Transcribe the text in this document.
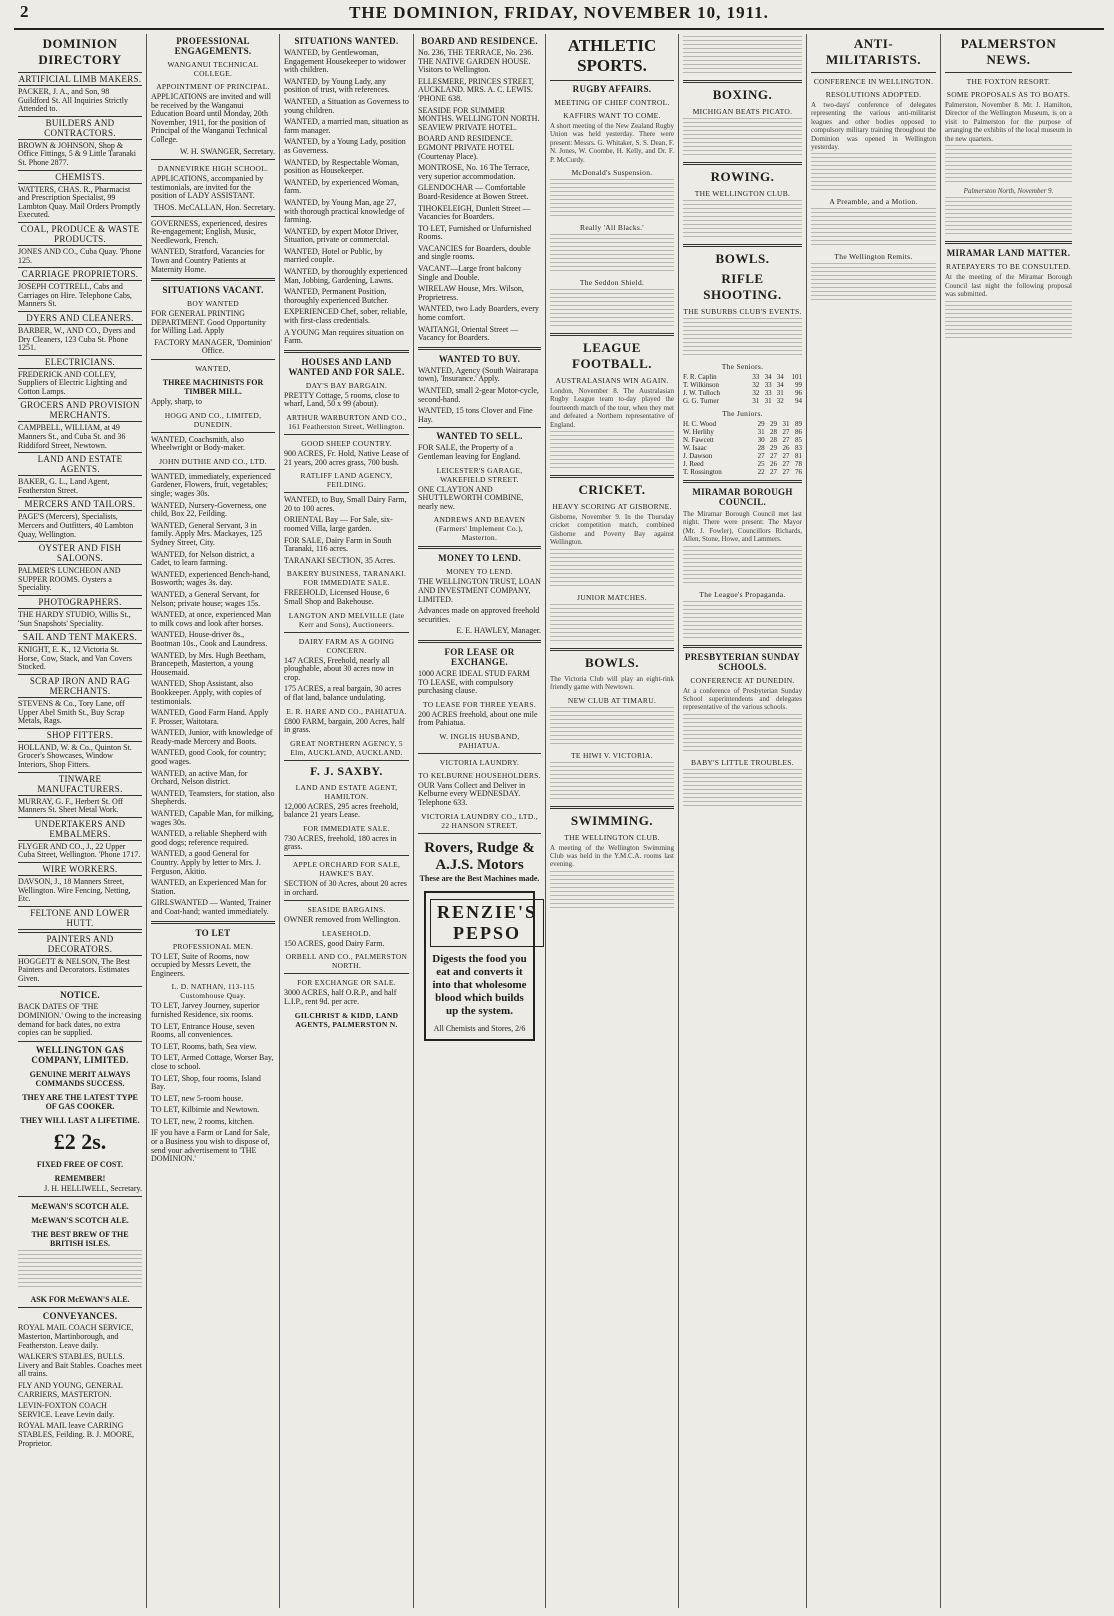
2	THE DOMINION, FRIDAY, NOVEMBER 10, 1911.
DOMINION DIRECTORY
ARTIFICIAL LIMB MAKERS.
PACKER, J. A., and Son, 98 Guildford St. All Inquiries Strictly Attended to.
BUILDERS AND CONTRACTORS.
BROWN & JOHNSON, Shop & Office Fittings, 5 & 9 Little Taranaki St. Phone 2877.
CHEMISTS.
WATTERS, CHAS. R., Pharmacist and Prescription Specialist, 99 Lambton Quay. Mail Orders Promptly Executed.
COAL, PRODUCE & WASTE PRODUCTS.
JONES AND CO., Cuba Quay. 'Phone 125.
CARRIAGE PROPRIETORS.
JOSEPH COTTRELL, Cabs and Carriages on Hire. Telephone Cabs, Manners St.
DYERS AND CLEANERS.
BARBER, W., AND CO., Dyers and Dry Cleaners, 123 Cuba St. Phone 1251.
ELECTRICIANS.
FREDERICK AND COLLEY, Suppliers of Electric Lighting and Cotton Lamps.
GROCERS AND PROVISION MERCHANTS.
CAMPBELL, WILLIAM, at 49 Manners St., and Cuba St. and 36 Riddiford Street, Newtown.
LAND AND ESTATE AGENTS.
BAKER, G. L., Land Agent, Featherston Street.
MERCERS AND TAILORS.
PAGE'S (Mercers), Specialists, Mercers and Outfitters, 40 Lambton Quay, Wellington.
OYSTER AND FISH SALOONS.
PALMER'S LUNCHEON AND SUPPER ROOMS. Oysters a Speciality.
PHOTOGRAPHERS.
THE HARDY STUDIO, Willis St., 'Sun Snapshots' Speciality.
SAIL AND TENT MAKERS.
KNIGHT, E. K., 12 Victoria St. Horse, Cow, Stack, and Van Covers Stocked.
SCRAP IRON AND RAG MERCHANTS.
STEVENS & Co., Tory Lane, off Upper Abel Smith St., Buy Scrap Metals, Rags.
SHOP FITTERS.
HOLLAND, W. & Co., Quinton St. Grocer's Showcases, Window Interiors, Shop Fitters.
TINWARE MANUFACTURERS.
MURRAY, G. F., Herbert St. Off Manners St. Sheet Metal Work.
UNDERTAKERS AND EMBALMERS.
FLYGER AND CO., J., 22 Upper Cuba Street, Wellington. 'Phone 1717.
WIRE WORKERS.
DAVSON, J., 18 Manners Street, Wellington. Wire Fencing, Netting, Etc.
FELTONE AND LOWER HUTT.
PAINTERS AND DECORATORS.
HOGGETT & NELSON, The Best Painters and Decorators. Estimates Given.
NOTICE.
BACK DATES OF 'THE DOMINION.' Owing to the increasing demand for back dates, no extra copies can be supplied.
WELLINGTON GAS COMPANY, LIMITED.
GENUINE MERIT ALWAYS COMMANDS SUCCESS.
THEY ARE THE LATEST TYPE OF GAS COOKER.
THEY WILL LAST A LIFETIME.
£2 2s.
FIXED FREE OF COST.
REMEMBER!
J. H. HELLIWELL, Secretary.
McEWAN'S SCOTCH ALE.
McEWAN'S SCOTCH ALE.
THE BEST BREW OF THE BRITISH ISLES.
ASK FOR McEWAN'S ALE.
CONVEYANCES.
ROYAL MAIL COACH SERVICE, Masterton, Martinborough, and Featherston. Leave daily.
WALKER'S STABLES, BULLS. Livery and Bait Stables. Coaches meet all trains.
FLY AND YOUNG, GENERAL CARRIERS, MASTERTON.
LEVIN-FOXTON COACH SERVICE. Leave Levin daily.
ROYAL MAIL leave CARRING STABLES, Feilding. B. J. MOORE, Proprietor.
PROFESSIONAL ENGAGEMENTS.
WANGANUI TECHNICAL COLLEGE.
APPOINTMENT OF PRINCIPAL.
APPLICATIONS are invited and will be received by the Wanganui Education Board until Monday, 20th November, 1911, for the position of Principal of the Wanganui Technical College.
W. H. SWANGER, Secretary.
DANNEVIRKE HIGH SCHOOL.
APPLICATIONS, accompanied by testimonials, are invited for the position of LADY ASSISTANT.
THOS. McCALLAN, Hon. Secretary.
GOVERNESS, experienced, desires Re-engagement; English, Music, Needlework, French.
WANTED, Stratford, Vacancies for Town and Country Patients at Maternity Home.
SITUATIONS VACANT.
BOY WANTED
FOR GENERAL PRINTING DEPARTMENT. Good Opportunity for Willing Lad. Apply
FACTORY MANAGER, 'Dominion' Office.
WANTED,
THREE MACHINISTS FOR TIMBER MILL.
Apply, sharp, to
HOGG AND CO., LIMITED, DUNEDIN.
WANTED, Coachsmith, also Wheelwright or Body-maker.
JOHN DUTHIE AND CO., LTD.
WANTED, immediately, experienced Gardener, Flowers, fruit, vegetables; single; wages 30s.
WANTED, Nursery-Governess, one child, Box 22, Feilding.
WANTED, General Servant, 3 in family. Apply Mrs. Mackayes, 125 Sydney Street, City.
WANTED, for Nelson district, a Cadet, to learn farming.
WANTED, experienced Bench-hand, Bosworth; wages 3s. day.
WANTED, a General Servant, for Nelson; private house; wages 15s.
WANTED, at once, experienced Man to milk cows and look after horses.
WANTED, House-driver 8s., Bootman 10s., Cook and Laundress.
WANTED, by Mrs. Hugh Beetham, Brancepeth, Masterton, a young Housemaid.
WANTED, Shop Assistant, also Bookkeeper. Apply, with copies of testimonials.
WANTED, Good Farm Hand. Apply F. Prosser, Waitotara.
WANTED, Junior, with knowledge of Ready-made Mercery and Boots.
WANTED, good Cook, for country; good wages.
WANTED, an active Man, for Orchard, Nelson district.
WANTED, Teamsters, for station, also Shepherds.
WANTED, Capable Man, for milking, wages 30s.
WANTED, a reliable Shepherd with good dogs; reference required.
WANTED, a good General for Country. Apply by letter to Mrs. J. Ferguson, Akitio.
WANTED, an Experienced Man for Station.
GIRLSWANTED — Wanted, Trainer and Coat-hand; wanted immediately.
TO LET
PROFESSIONAL MEN.
TO LET, Suite of Rooms, now occupied by Messrs Levett, the Engineers.
L. D. NATHAN, 113-115 Customhouse Quay.
TO LET, Jarvey Journey, superior furnished Residence, six rooms.
TO LET, Entrance House, seven Rooms, all conveniences.
TO LET, Rooms, bath, Sea view.
TO LET, Armed Cottage, Worser Bay, close to school.
TO LET, Shop, four rooms, Island Bay.
TO LET, new 5-room house.
TO LET, Kilbirnie and Newtown.
TO LET, new, 2 rooms, kitchen.
IF you have a Farm or Land for Sale, or a Business you wish to dispose of, send your advertisement to 'THE DOMINION.'
SITUATIONS WANTED.
WANTED, by Gentlewoman, Engagement Housekeeper to widower with children.
WANTED, by Young Lady, any position of trust, with references.
WANTED, a Situation as Governess to young children.
WANTED, a married man, situation as farm manager.
WANTED, by a Young Lady, position as Governess.
WANTED, by Respectable Woman, position as Housekeeper.
WANTED, by experienced Woman, farm.
WANTED, by Young Man, age 27, with thorough practical knowledge of farming.
WANTED, by expert Motor Driver, Situation, private or commercial.
WANTED, Hotel or Public, by married couple.
WANTED, by thoroughly experienced Man, Jobbing, Gardening, Lawns.
WANTED, Permanent Position, thoroughly experienced Butcher.
EXPERIENCED Chef, sober, reliable, with first-class credentials.
A YOUNG Man requires situation on Farm.
HOUSES AND LAND WANTED AND FOR SALE.
DAY'S BAY BARGAIN.
PRETTY Cottage, 5 rooms, close to wharf, Land, 50 x 99 (about).
ARTHUR WARBURTON AND CO., 161 Featherston Street, Wellington.
GOOD SHEEP COUNTRY.
900 ACRES, Fr. Hold, Native Lease of 21 years, 200 acres grass, 700 bush.
RATLIFF LAND AGENCY, FEILDING.
WANTED, to Buy, Small Dairy Farm, 20 to 100 acres.
ORIENTAL Bay — For Sale, six-roomed Villa, large garden.
FOR SALE, Dairy Farm in South Taranaki, 116 acres.
TARANAKI SECTION, 35 Acres.
BAKERY BUSINESS, TARANAKI. FOR IMMEDIATE SALE.
FREEHOLD, Licensed House, 6 Small Shop and Bakehouse.
LANGTON AND MELVILLE (late Kerr and Sons), Auctioneers.
DAIRY FARM AS A GOING CONCERN.
147 ACRES, Freehold, nearly all ploughable, about 30 acres now in crop.
175 ACRES, a real bargain, 30 acres of flat land, balance undulating.
E. R. HARE AND CO., PAHIATUA.
£800 FARM, bargain, 200 Acres, half in grass.
GREAT NORTHERN AGENCY, 5 Elm, AUCKLAND, AUCKLAND.
F. J. SAXBY.
LAND AND ESTATE AGENT, HAMILTON.
12,000 ACRES, 295 acres freehold, balance 21 years Lease.
FOR IMMEDIATE SALE.
730 ACRES, freehold, 180 acres in grass.
APPLE ORCHARD FOR SALE, HAWKE'S BAY.
SECTION of 30 Acres, about 20 acres in orchard.
SEASIDE BARGAINS.
OWNER removed from Wellington.
LEASEHOLD.
150 ACRES, good Dairy Farm.
ORBELL AND CO., PALMERSTON NORTH.
FOR EXCHANGE OR SALE.
3000 ACRES, half O.R.P., and half L.I.P., rent 9d. per acre.
GILCHRIST & KIDD, LAND AGENTS, PALMERSTON N.
BOARD AND RESIDENCE.
No. 236, THE TERRACE, No. 236. THE NATIVE GARDEN HOUSE. Visitors to Wellington.
ELLESMERE, PRINCES STREET, AUCKLAND. MRS. A. C. LEWIS. 'PHONE 638.
SEASIDE FOR SUMMER MONTHS. WELLINGTON NORTH. SEAVIEW PRIVATE HOTEL.
BOARD AND RESIDENCE. EGMONT PRIVATE HOTEL (Courtenay Place).
MONTROSE, No. 16 The Terrace, very superior accommodation.
GLENDOCHAR — Comfortable Board-Residence at Bowen Street.
TIHOKELEIGH, Dunlett Street — Vacancies for Boarders.
TO LET, Furnished or Unfurnished Rooms.
VACANCIES for Boarders, double and single rooms.
VACANT—Large front balcony Single and Double.
WIRELAW House, Mrs. Wilson, Proprietress.
WANTED, two Lady Boarders, every home comfort.
WAITANGI, Oriental Street — Vacancy for Boarders.
WANTED TO BUY.
WANTED, Agency (South Wairarapa town), 'Insurance.' Apply.
WANTED, small 2-gear Motor-cycle, second-hand.
WANTED, 15 tons Clover and Fine Hay.
WANTED TO SELL.
FOR SALE, the Property of a Gentleman leaving for England.
LEICESTER'S GARAGE, WAKEFIELD STREET.
ONE CLAYTON AND SHUTTLEWORTH COMBINE, nearly new.
ANDREWS AND BEAVEN (Farmers' Implement Co.), Masterton.
MONEY TO LEND.
MONEY TO LEND.
THE WELLINGTON TRUST, LOAN AND INVESTMENT COMPANY, LIMITED.
Advances made on approved freehold securities.
E. E. HAWLEY, Manager.
FOR LEASE OR EXCHANGE.
1000 ACRE IDEAL STUD FARM TO LEASE, with compulsory purchasing clause.
TO LEASE FOR THREE YEARS.
200 ACRES freehold, about one mile from Pahiatua.
W. INGLIS HUSBAND, PAHIATUA.
VICTORIA LAUNDRY.
TO KELBURNE HOUSEHOLDERS.
OUR Vans Collect and Deliver in Kelburne every WEDNESDAY. Telephone 633.
VICTORIA LAUNDRY CO., LTD., 22 HANSON STREET.
Rovers, Rudge & A.J.S. Motors
These are the Best Machines made.
RENZIE'S
PEPSO
Digests the food you eat and converts it into that wholesome blood which builds up the system.
All Chemists and Stores, 2/6
ATHLETIC SPORTS.
RUGBY AFFAIRS.
MEETING OF CHIEF CONTROL.
KAFFIRS WANT TO COME.
A short meeting of the New Zealand Rugby Union was held yesterday. There were present: Messrs. G. Whitaker, S. S. Dean, F. N. Jones, W. Coombe, H. Kelly, and Dr. F. P. McCurdy.
McDonald's Suspension.
Really 'All Blacks.'
The Seddon Shield.
LEAGUE FOOTBALL.
AUSTRALASIANS WIN AGAIN.
London, November 8. The Australasian Rugby League team to-day played the fourteenth match of the tour, when they met and defeated a Northern representative of England.
CRICKET.
HEAVY SCORING AT GISBORNE.
Gisborne, November 9. In the Thursday cricket competition match, combined Gisborne and Poverty Bay against Wellington.
JUNIOR MATCHES.
BOWLS.
The Victoria Club will play an eight-rink friendly game with Newtown.
NEW CLUB AT TIMARU.
TE HIWI V. VICTORIA.
SWIMMING.
THE WELLINGTON CLUB.
A meeting of the Wellington Swimming Club was held in the Y.M.C.A. rooms last evening.
BOXING.
MICHIGAN BEATS PICATO.
ROWING.
THE WELLINGTON CLUB.
BOWLS.
RIFLE SHOOTING.
THE SUBURBS CLUB'S EVENTS.
The Seniors.
F. R. Caplin	33	34	34	101
T. Wilkinson	32	33	34	99
J. W. Tulloch	32	33	31	96
G. G. Turner	31	31	32	94
The Juniors.
H. C. Wood	29	29	31	89
W. Herlihy	31	28	27	86
N. Fawcett	30	28	27	85
W. Isaac	28	29	26	83
J. Dawson	27	27	27	81
J. Reed	25	26	27	78
T. Rossington	22	27	27	76
MIRAMAR BOROUGH COUNCIL.
The Miramar Borough Council met last night. There were present: The Mayor (Mr. J. Fowler), Councillors Richards, Allen, Stone, Howe, and Lammers.
The League's Propaganda.
PRESBYTERIAN SUNDAY SCHOOLS.
CONFERENCE AT DUNEDIN.
At a conference of Presbyterian Sunday School superintendents and delegates representative of the various schools.
BABY'S LITTLE TROUBLES.
ANTI-MILITARISTS.
CONFERENCE IN WELLINGTON.
RESOLUTIONS ADOPTED.
A two-days' conference of delegates representing the various anti-militarist leagues and other bodies opposed to compulsory military training throughout the Dominion was opened in Wellington yesterday.
A Preamble, and a Motion.
The Wellington Remits.
PALMERSTON NEWS.
THE FOXTON RESORT.
SOME PROPOSALS AS TO BOATS.
Palmerston, November 8. Mr. J. Hamilton, Director of the Wellington Museum, is on a visit to Palmerston for the purpose of arranging the exhibits of the local museum in the new quarters.
Palmerston North, November 9.
MIRAMAR LAND MATTER.
RATEPAYERS TO BE CONSULTED.
At the meeting of the Miramar Borough Council last night the following proposal was submitted.
